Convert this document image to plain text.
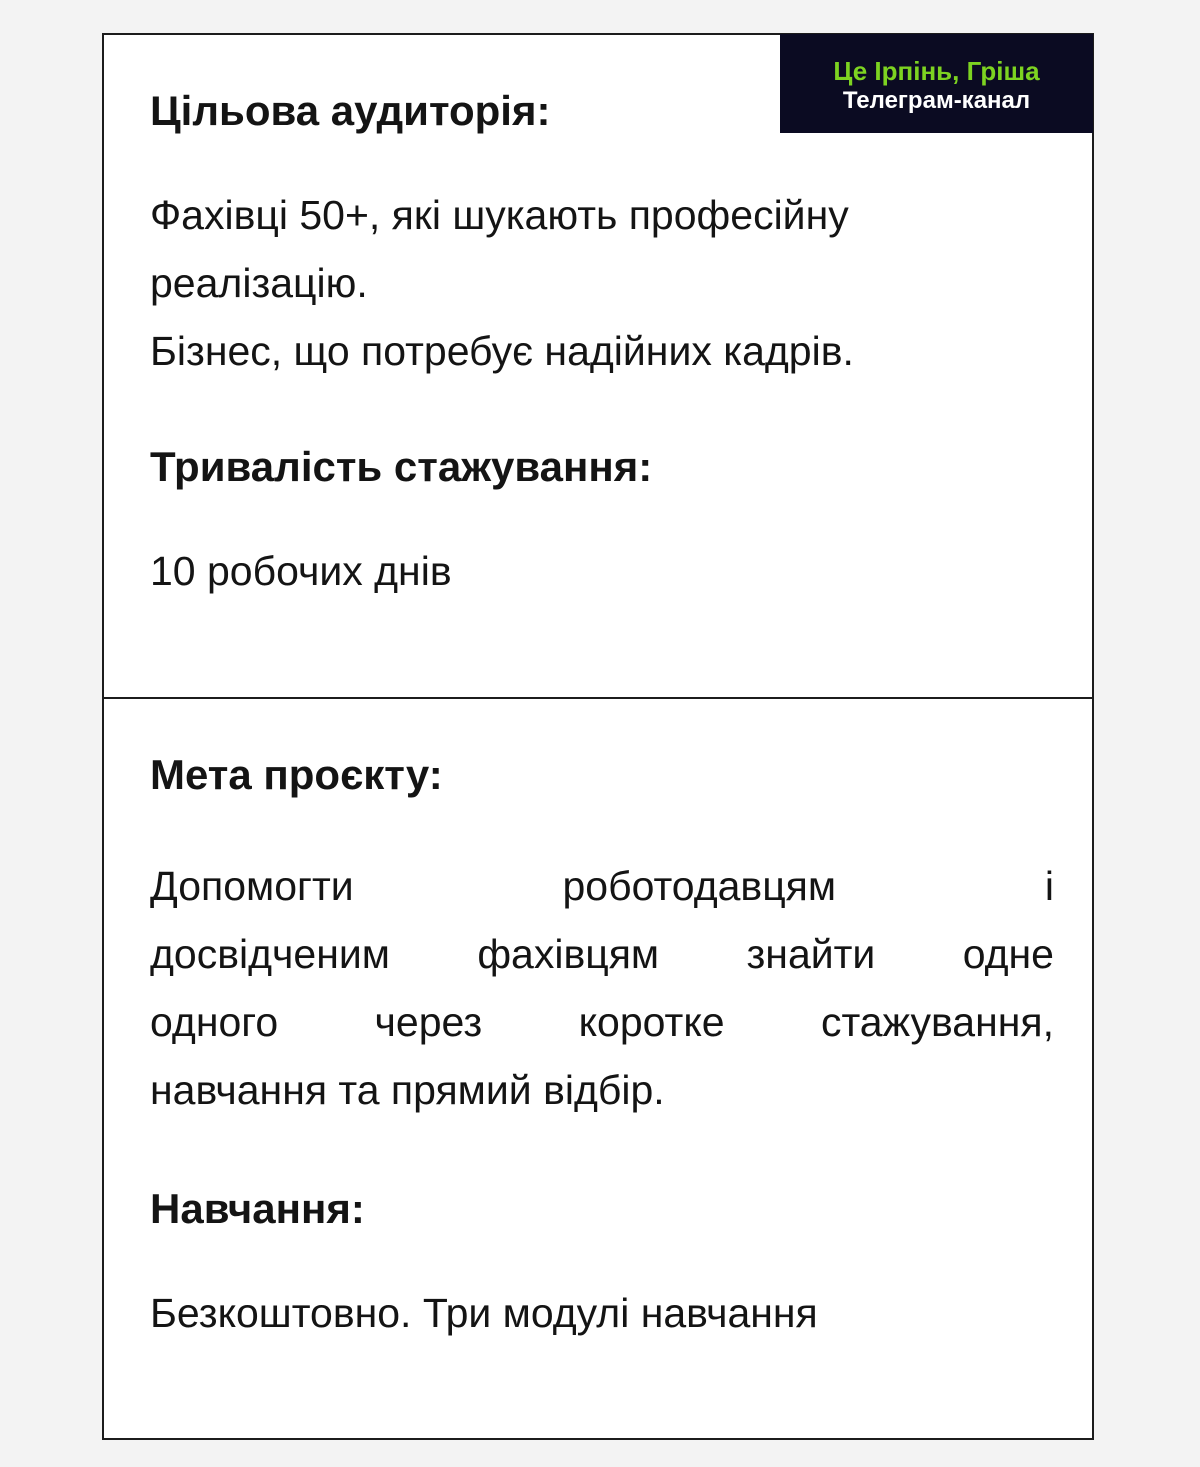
Це Ірпінь, Гріша
Телеграм-канал
Цільова аудиторія:
Фахівці 50+, які шукають професійну
реалізацію.
Бізнес, що потребує надійних кадрів.
Тривалість стажування:
10 робочих днів
Мета проєкту:
Допомогти	роботодавцям	і
досвідченим фахівцям знайти одне
одного через коротке стажування,
навчання та прямий відбір.
Навчання:
Безкоштовно. Три модулі навчання
